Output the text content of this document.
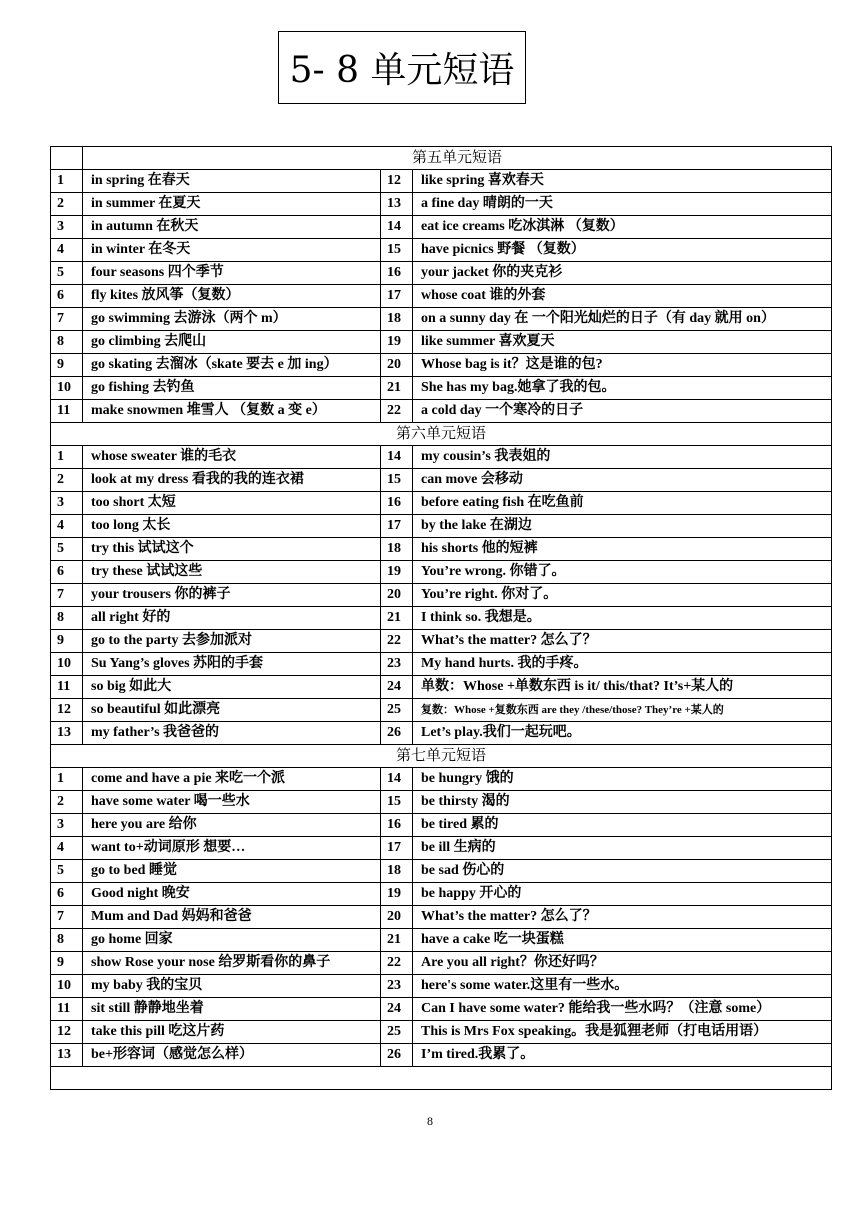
5- 8 单元短语
	第五单元短语		
1	in spring 在春天	12	like spring 喜欢春天
2	in summer 在夏天	13	a fine day 晴朗的一天
3	in autumn 在秋天	14	eat ice creams 吃冰淇淋 （复数）
4	in winter 在冬天	15	have picnics 野餐 （复数）
5	four seasons 四个季节	16	your jacket 你的夹克衫
6	fly kites 放风筝（复数）	17	whose coat 谁的外套
7	go swimming 去游泳（两个 m）	18	on a sunny day 在 一个阳光灿烂的日子（有 day 就用 on）
8	go climbing 去爬山	19	like summer 喜欢夏天
9	go skating 去溜冰（skate 要去 e 加 ing）	20	Whose bag is it？这是谁的包?
10	go fishing 去钓鱼	21	She has my bag.她拿了我的包。
11	make snowmen 堆雪人 （复数 a 变 e）	22	a cold day 一个寒冷的日子
第六单元短语			
1	whose sweater 谁的毛衣	14	my cousin’s 我表姐的
2	look at my dress 看我的我的连衣裙	15	can move 会移动
3	too short 太短	16	before eating fish 在吃鱼前
4	too long 太长	17	by the lake 在湖边
5	try this 试试这个	18	his shorts 他的短裤
6	try these 试试这些	19	You’re wrong. 你错了。
7	your trousers 你的裤子	20	You’re right. 你对了。
8	all right 好的	21	I think so. 我想是。
9	go to the party 去参加派对	22	What’s the matter? 怎么了？
10	Su Yang’s gloves 苏阳的手套	23	My hand hurts. 我的手疼。
11	so big 如此大	24	单数：Whose +单数东西 is it/ this/that? It’s+某人的
12	so beautiful 如此漂亮	25	复数：Whose +复数东西 are they /these/those? They’re +某人的
13	my father’s 我爸爸的	26	Let’s play.我们一起玩吧。
第七单元短语			
1	come and have a pie 来吃一个派	14	be hungry 饿的
2	have some water 喝一些水	15	be thirsty 渴的
3	here you are 给你	16	be tired 累的
4	want to+动词原形 想要…	17	be ill 生病的
5	go to bed 睡觉	18	be sad 伤心的
6	Good night 晚安	19	be happy 开心的
7	Mum and Dad 妈妈和爸爸	20	What’s the matter? 怎么了？
8	go home 回家	21	have a cake 吃一块蛋糕
9	show Rose your nose 给罗斯看你的鼻子	22	Are you all right？你还好吗？
10	my baby 我的宝贝	23	here's some water.这里有一些水。
11	sit still 静静地坐着	24	Can I have some water? 能给我一些水吗？（注意 some）
12	take this pill 吃这片药	25	This is Mrs Fox speaking。我是狐狸老师（打电话用语）
13	be+形容词（感觉怎么样）	26	I’m tired.我累了。

8
